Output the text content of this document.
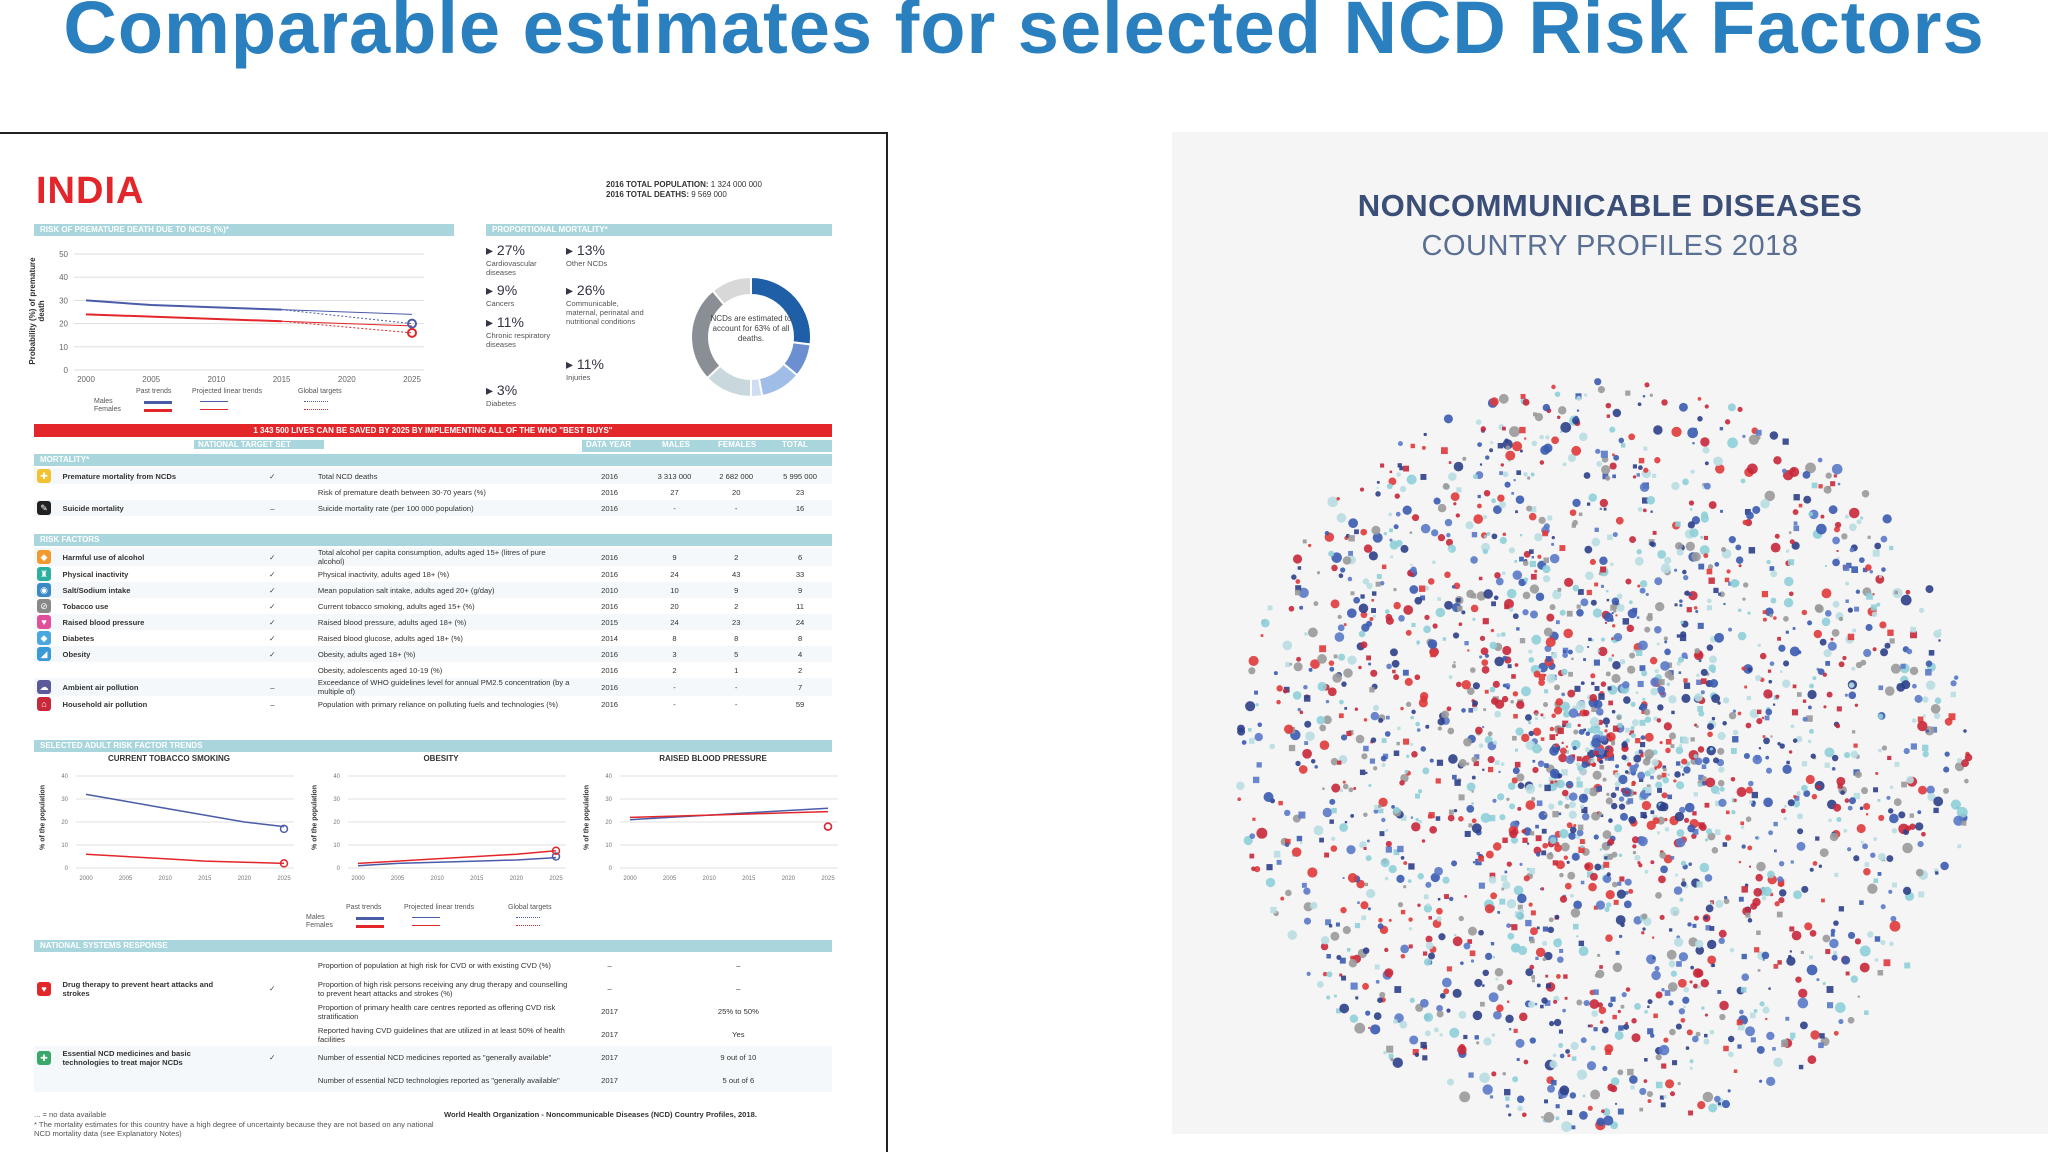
Comparable estimates for selected NCD Risk Factors
INDIA	2016 TOTAL POPULATION: 1 324 000 000
2016 TOTAL DEATHS: 9 569 000
RISK OF PREMATURE DEATH DUE TO NCDS (%)*
50
40
30
20
10
0
2000	2005	2010	2015	2020	2025
Probability (%) of premature death
Past trends	Projected linear trends	Global targets
Males
Females
PROPORTIONAL MORTALITY*
▸ 27%
Cardiovascular diseases
▸ 9%
Cancers
▸ 11%
Chronic respiratory diseases
▸ 3%
Diabetes
▸ 13%
Other NCDs
▸ 26%
Communicable, maternal, perinatal and nutritional conditions
▸ 11%
Injuries
NCDs are estimated to account for 63% of all deaths.
1 343 500 LIVES CAN BE SAVED BY 2025 BY IMPLEMENTING ALL OF THE WHO "BEST BUYS"
NATIONAL TARGET SET	DATA YEAR	MALES	FEMALES	TOTAL
MORTALITY*
✚	Premature mortality from NCDs	✓	Total NCD deaths	2016	3 313 000	2 682 000	5 995 000
			Risk of premature death between 30-70 years (%)	2016	27	20	23
✎	Suicide mortality	–	Suicide mortality rate (per 100 000 population)	2016	-	-	16
RISK FACTORS
◆	Harmful use of alcohol	✓	Total alcohol per capita consumption, adults aged 15+ (litres of pure alcohol)	2016	9	2	6
♜	Physical inactivity	✓	Physical inactivity, adults aged 18+ (%)	2016	24	43	33
◉	Salt/Sodium intake	✓	Mean population salt intake, adults aged 20+ (g/day)	2010	10	9	9
⊘	Tobacco use	✓	Current tobacco smoking, adults aged 15+ (%)	2016	20	2	11
♥	Raised blood pressure	✓	Raised blood pressure, adults aged 18+ (%)	2015	24	23	24
◆	Diabetes	✓	Raised blood glucose, adults aged 18+ (%)	2014	8	8	8
◢	Obesity	✓	Obesity, adults aged 18+ (%)	2016	3	5	4
			Obesity, adolescents aged 10-19 (%)	2016	2	1	2
☁	Ambient air pollution	–	Exceedance of WHO guidelines level for annual PM2.5 concentration (by a multiple of)	2016	-	-	7
⌂	Household air pollution	–	Population with primary reliance on polluting fuels and technologies (%)	2016	-	-	59
SELECTED ADULT RISK FACTOR TRENDS
CURRENT TOBACCO SMOKING
% of the population
40
30
20
10
0
2000	2005	2010	2015	2020	2025
OBESITY
% of the population
40
30
20
10
0
2000	2005	2010	2015	2020	2025
RAISED BLOOD PRESSURE
% of the population
40
30
20
10
0
2000	2005	2010	2015	2020	2025
Past trends	Projected linear trends	Global targets
Males
Females
NATIONAL SYSTEMS RESPONSE
			Proportion of population at high risk for CVD or with existing CVD (%)	–	–
♥	Drug therapy to prevent heart attacks and strokes	✓	Proportion of high risk persons receiving any drug therapy and counselling to prevent heart attacks and strokes (%)	–	–
			Proportion of primary health care centres reported as offering CVD risk stratification	2017	25% to 50%
			Reported having CVD guidelines that are utilized in at least 50% of health facilities	2017	Yes
✚	Essential NCD medicines and basic technologies to treat major NCDs	✓	Number of essential NCD medicines reported as "generally available"	2017	9 out of 10
			Number of essential NCD technologies reported as "generally available"	2017	5 out of 6
... = no data available
* The mortality estimates for this country have a high degree of uncertainty because they are not based on any national NCD mortality data (see Explanatory Notes)
World Health Organization - Noncommunicable Diseases (NCD) Country Profiles, 2018.
NONCOMMUNICABLE DISEASES
COUNTRY PROFILES 2018
